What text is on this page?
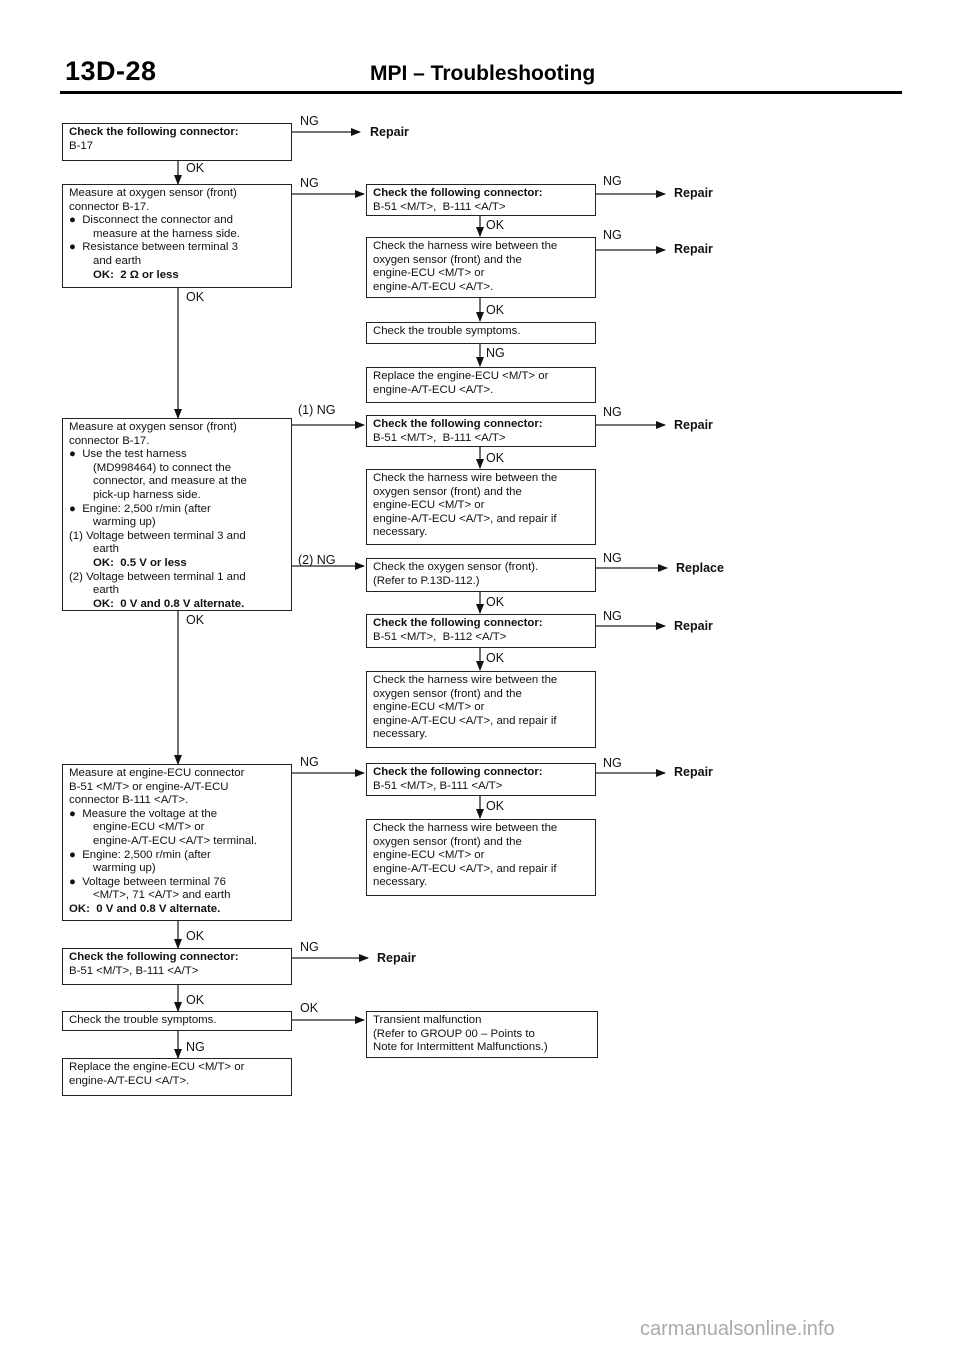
13D-28	MPI – Troubleshooting
Check the following connector:
B-17
Measure at oxygen sensor (front)
connector B-17.
●  Disconnect the connector and
measure at the harness side.
●  Resistance between terminal 3
and earth
OK:  2 Ω or less
Measure at oxygen sensor (front)
connector B-17.
●  Use the test harness
(MD998464) to connect the
connector, and measure at the
pick-up harness side.
●  Engine: 2,500 r/min (after
warming up)
(1) Voltage between terminal 3 and
earth
OK:  0.5 V or less
(2) Voltage between terminal 1 and
earth
OK:  0 V and 0.8 V alternate.
Measure at engine-ECU connector
B-51 <M/T> or engine-A/T-ECU
connector B-111 <A/T>.
●  Measure the voltage at the
engine-ECU <M/T> or
engine-A/T-ECU <A/T> terminal.
●  Engine: 2,500 r/min (after
warming up)
●  Voltage between terminal 76
<M/T>, 71 <A/T> and earth
OK:  0 V and 0.8 V alternate.
Check the following connector:
B-51 <M/T>, B-111 <A/T>
Check the trouble symptoms.
Replace the engine-ECU <M/T> or
engine-A/T-ECU <A/T>.
Check the following connector:
B-51 <M/T>,  B-111 <A/T>
Check the harness wire between the
oxygen sensor (front) and the
engine-ECU <M/T> or
engine-A/T-ECU <A/T>.
Check the trouble symptoms.
Replace the engine-ECU <M/T> or
engine-A/T-ECU <A/T>.
Check the following connector:
B-51 <M/T>,  B-111 <A/T>
Check the harness wire between the
oxygen sensor (front) and the
engine-ECU <M/T> or
engine-A/T-ECU <A/T>, and repair if
necessary.
Check the oxygen sensor (front).
(Refer to P.13D-112.)
Check the following connector:
B-51 <M/T>,  B-112 <A/T>
Check the harness wire between the
oxygen sensor (front) and the
engine-ECU <M/T> or
engine-A/T-ECU <A/T>, and repair if
necessary.
Check the following connector:
B-51 <M/T>, B-111 <A/T>
Check the harness wire between the
oxygen sensor (front) and the
engine-ECU <M/T> or
engine-A/T-ECU <A/T>, and repair if
necessary.
Transient malfunction
(Refer to GROUP 00 – Points to
Note for Intermittent Malfunctions.)
OK
OK
OK
OK
OK
NG
NG
NG
(1) NG
(2) NG
NG
NG
OK
OK
OK
NG
OK
OK
OK
OK
NG
NG
NG
NG
NG
NG
Repair
Repair
Repair
Repair
Replace
Repair
Repair
Repair
carmanualsonline.info
